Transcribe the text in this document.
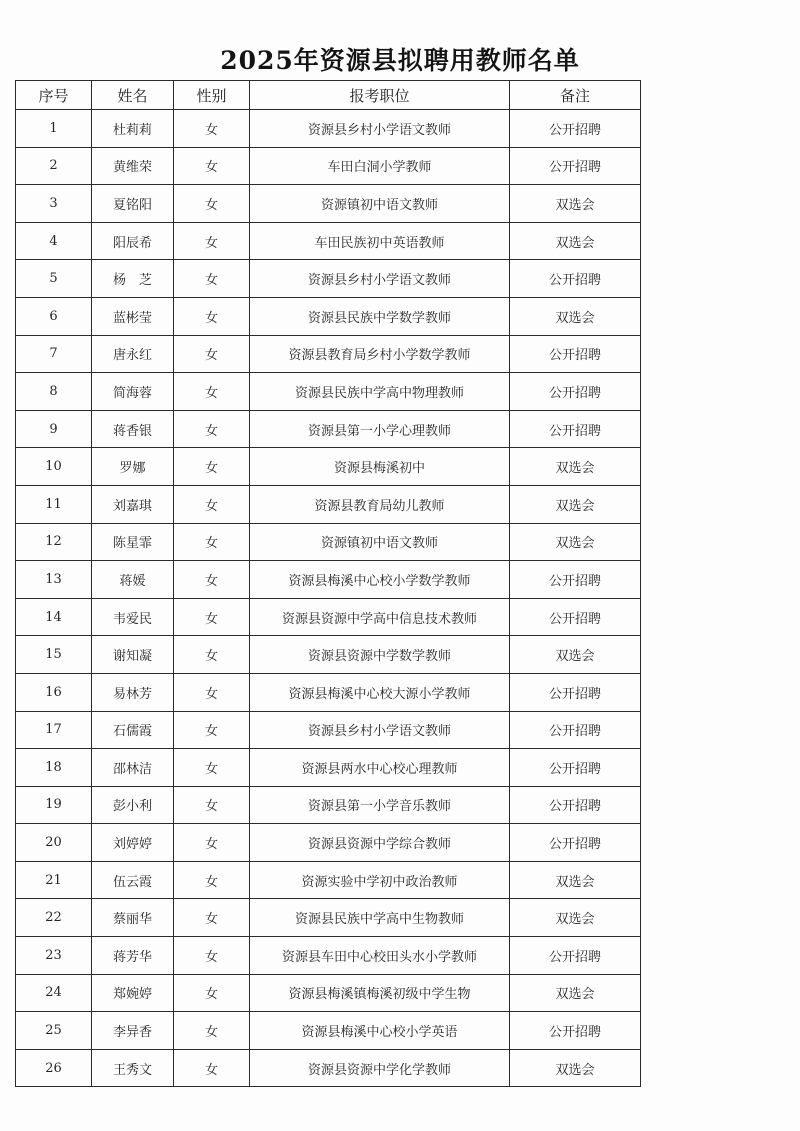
2025年资源县拟聘用教师名单
序号	姓名	性别	报考职位	备注
1	杜莉莉	女	资源县乡村小学语文教师	公开招聘
2	黄维荣	女	车田白洞小学教师	公开招聘
3	夏铭阳	女	资源镇初中语文教师	双选会
4	阳辰希	女	车田民族初中英语教师	双选会
5	杨　芝	女	资源县乡村小学语文教师	公开招聘
6	蓝彬莹	女	资源县民族中学数学教师	双选会
7	唐永红	女	资源县教育局乡村小学数学教师	公开招聘
8	简海蓉	女	资源县民族中学高中物理教师	公开招聘
9	蒋香银	女	资源县第一小学心理教师	公开招聘
10	罗娜	女	资源县梅溪初中	双选会
11	刘嘉琪	女	资源县教育局幼儿教师	双选会
12	陈星霏	女	资源镇初中语文教师	双选会
13	蒋媛	女	资源县梅溪中心校小学数学教师	公开招聘
14	韦爱民	女	资源县资源中学高中信息技术教师	公开招聘
15	谢知凝	女	资源县资源中学数学教师	双选会
16	易林芳	女	资源县梅溪中心校大源小学教师	公开招聘
17	石儒霞	女	资源县乡村小学语文教师	公开招聘
18	邵林洁	女	资源县两水中心校心理教师	公开招聘
19	彭小利	女	资源县第一小学音乐教师	公开招聘
20	刘婷婷	女	资源县资源中学综合教师	公开招聘
21	伍云霞	女	资源实验中学初中政治教师	双选会
22	蔡丽华	女	资源县民族中学高中生物教师	双选会
23	蒋芳华	女	资源县车田中心校田头水小学教师	公开招聘
24	郑婉婷	女	资源县梅溪镇梅溪初级中学生物	双选会
25	李异香	女	资源县梅溪中心校小学英语	公开招聘
26	王秀文	女	资源县资源中学化学教师	双选会
